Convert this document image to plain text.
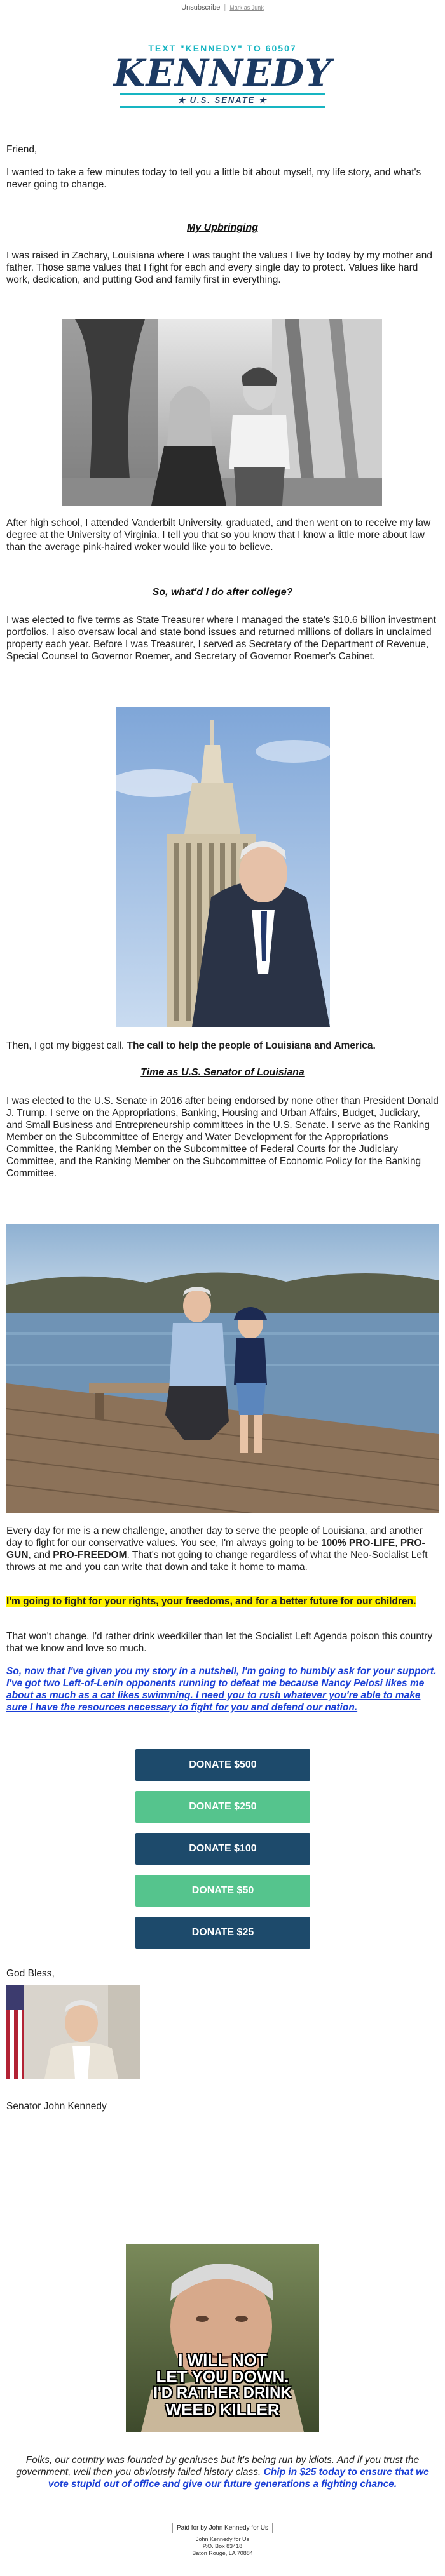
Unsubscribe | Mark as Junk
TEXT "KENNEDY" TO 60507
KENNEDY
★ U.S. SENATE ★
Friend,
I wanted to take a few minutes today to tell you a little bit about myself, my life story, and what's never going to change.
My Upbringing
I was raised in Zachary, Louisiana where I was taught the values I live by today by my mother and father. Those same values that I fight for each and every single day to protect. Values like hard work, dedication, and putting God and family first in everything.
After high school, I attended Vanderbilt University, graduated, and then went on to receive my law degree at the University of Virginia. I tell you that so you know that I know a little more about law than the average pink-haired woker would like you to believe.
So, what'd I do after college?
I was elected to five terms as State Treasurer where I managed the state's $10.6 billion investment portfolios. I also oversaw local and state bond issues and returned millions of dollars in unclaimed property each year. Before I was Treasurer, I served as Secretary of the Department of Revenue, Special Counsel to Governor Roemer, and Secretary of Governor Roemer's Cabinet.
Then, I got my biggest call. The call to help the people of Louisiana and America.
Time as U.S. Senator of Louisiana
I was elected to the U.S. Senate in 2016 after being endorsed by none other than President Donald J. Trump. I serve on the Appropriations, Banking, Housing and Urban Affairs, Budget, Judiciary, and Small Business and Entrepreneurship committees in the U.S. Senate. I serve as the Ranking Member on the Subcommittee of Energy and Water Development for the Appropriations Committee, the Ranking Member on the Subcommittee of Federal Courts for the Judiciary Committee, and the Ranking Member on the Subcommittee of Economic Policy for the Banking Committee.
Every day for me is a new challenge, another day to serve the people of Louisiana, and another day to fight for our conservative values. You see, I'm always going to be 100% PRO-LIFE, PRO-GUN, and PRO-FREEDOM. That's not going to change regardless of what the Neo-Socialist Left throws at me and you can write that down and take it home to mama.
I'm going to fight for your rights, your freedoms, and for a better future for our children.
That won't change, I'd rather drink weedkiller than let the Socialist Left Agenda poison this country that we know and love so much.
So, now that I've given you my story in a nutshell, I'm going to humbly ask for your support. I've got two Left-of-Lenin opponents running to defeat me because Nancy Pelosi likes me about as much as a cat likes swimming. I need you to rush whatever you're able to make sure I have the resources necessary to fight for you and defend our nation.
DONATE $500
DONATE $250
DONATE $100
DONATE $50
DONATE $25
God Bless,
Senator John Kennedy
I WILL NOT
LET YOU DOWN.
I'D RATHER DRINK
WEED KILLER
Folks, our country was founded by geniuses but it's being run by idiots. And if you trust the government, well then you obviously failed history class. Chip in $25 today to ensure that we vote stupid out of office and give our future generations a fighting chance.
Paid for by John Kennedy for Us
John Kennedy for Us
P.O. Box 83418
Baton Rouge, LA 70884
